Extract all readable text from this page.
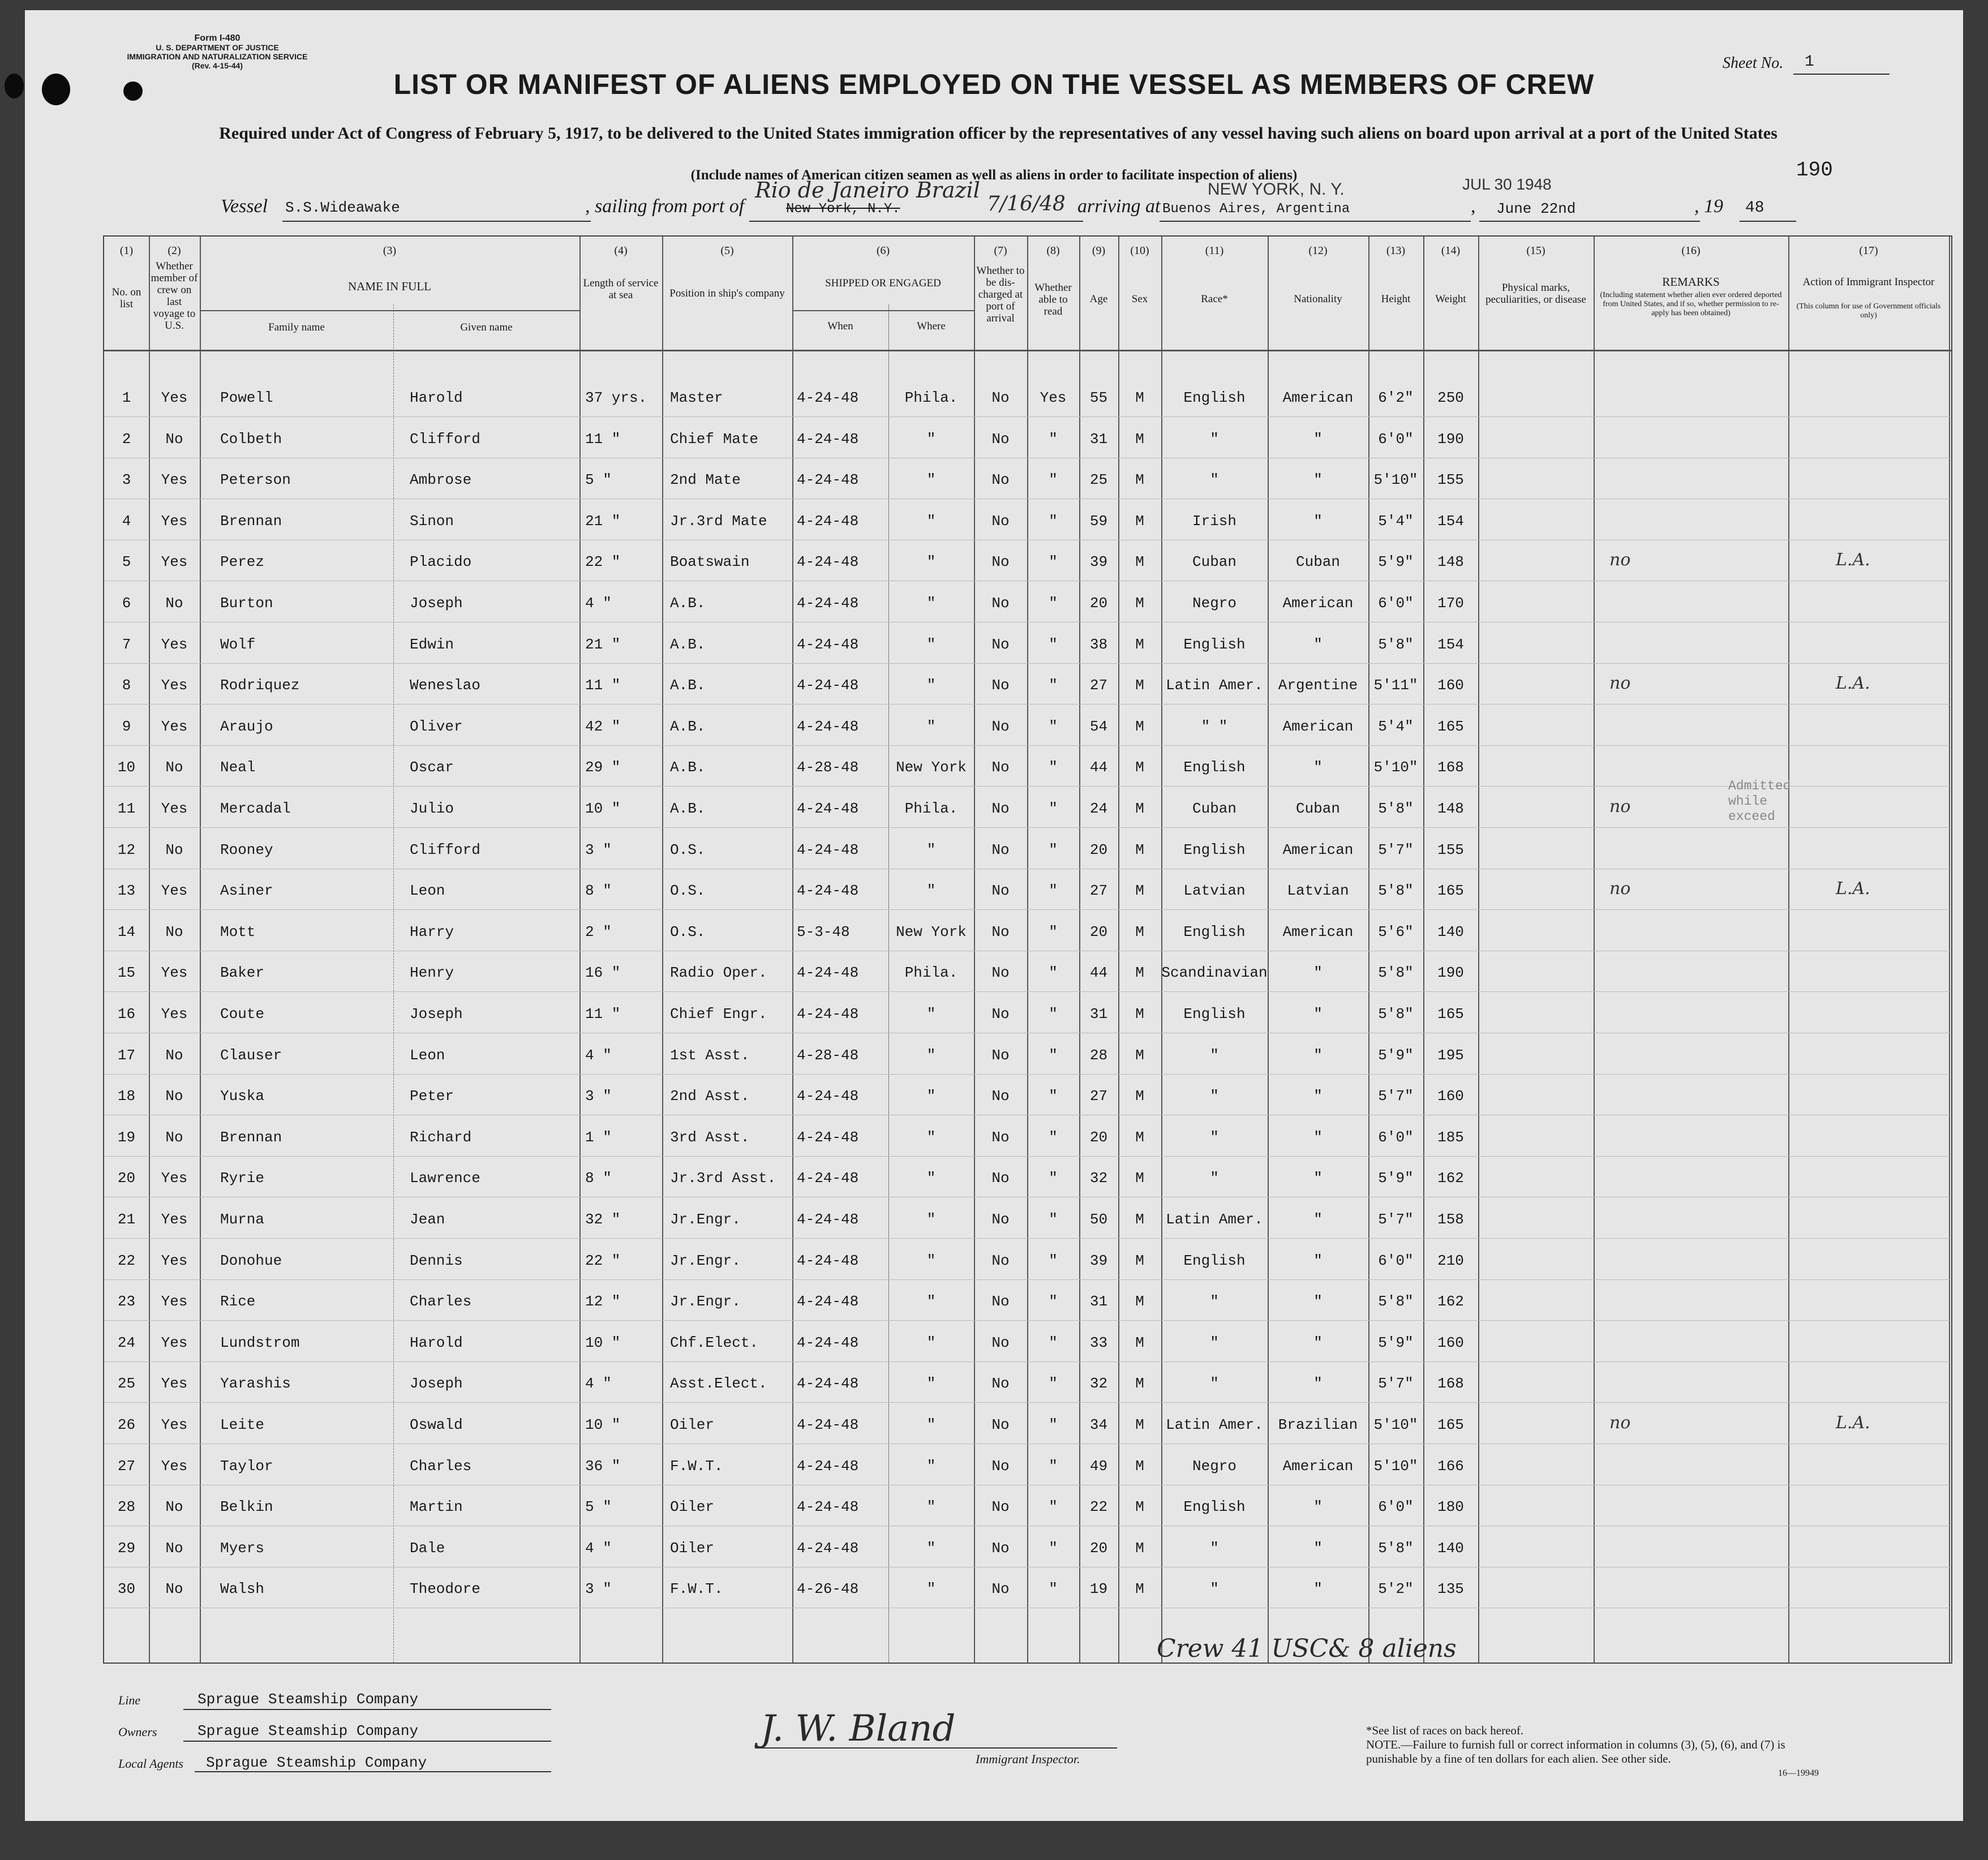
Form I-480
U. S. DEPARTMENT OF JUSTICE
IMMIGRATION AND NATURALIZATION SERVICE
(Rev. 4-15-44)	Sheet No. 1
LIST OR MANIFEST OF ALIENS EMPLOYED ON THE VESSEL AS MEMBERS OF CREW
Required under Act of Congress of February 5, 1917, to be delivered to the United States immigration officer by the representatives of any vessel having such aliens on board upon arrival at a port of the United States
(Include names of American citizen seamen as well as aliens in order to facilitate inspection of aliens)	190
Vessel S.S.Wideawake	, sailing from port of	New York, N.Y.
Rio de Janeiro Brazil
7/16/48 arriving at
NEW YORK, N. Y.
Buenos Aires, Argentina	,
JUL 30 1948
June 22nd	, 19 48
(1)	(2)	(3)	(4)	(5)	(6)	(7)	(8)	(9)	(10)	(11)	(12)	(13)	(14)	(15)	(16)	(17)
No. on list
Whether member of crew on last voyage to U.S.
NAME IN FULL
Family name	Given name
Length of service at sea	Position in ship's company
SHIPPED OR ENGAGED
When	Where
Whether to be dis-charged at port of arrival
Whether able to read
Age	Sex	Race*	Nationality	Height	Weight
Physical marks, peculiarities, or disease
REMARKS
(Including statement whether alien ever ordered deported from United States, and if so, whether permission to re-apply has been obtained)
Action of Immigrant Inspector
(This column for use of Government officials only)
1	Yes	Powell	Harold	37 yrs.	Master	4-24-48	Phila.	No	Yes	55	M	English	American	6'2"	250
2	No	Colbeth	Clifford	11 "	Chief Mate	4-24-48	"	No	"	31	M	"	"	6'0"	190
3	Yes	Peterson	Ambrose	5 "	2nd Mate	4-24-48	"	No	"	25	M	"	"	5'10"	155
4	Yes	Brennan	Sinon	21 "	Jr.3rd Mate	4-24-48	"	No	"	59	M	Irish	"	5'4"	154
5	Yes	Perez	Placido	22 "	Boatswain	4-24-48	"	No	"	39	M	Cuban	Cuban	5'9"	148	no	L.A.
6	No	Burton	Joseph	4 "	A.B.	4-24-48	"	No	"	20	M	Negro	American	6'0"	170
7	Yes	Wolf	Edwin	21 "	A.B.	4-24-48	"	No	"	38	M	English	"	5'8"	154
8	Yes	Rodriquez	Weneslao	11 "	A.B.	4-24-48	"	No	"	27	M	Latin Amer.	Argentine	5'11"	160	no	L.A.
9	Yes	Araujo	Oliver	42 "	A.B.	4-24-48	"	No	"	54	M	" "	American	5'4"	165
10	No	Neal	Oscar	29 "	A.B.	4-28-48	New York	No	"	44	M	English	"	5'10"	168
11	Yes	Mercadal	Julio	10 "	A.B.	4-24-48	Phila.	No	"	24	M	Cuban	Cuban	5'8"	148	no
12	No	Rooney	Clifford	3 "	O.S.	4-24-48	"	No	"	20	M	English	American	5'7"	155
13	Yes	Asiner	Leon	8 "	O.S.	4-24-48	"	No	"	27	M	Latvian	Latvian	5'8"	165	no	L.A.
14	No	Mott	Harry	2 "	O.S.	5-3-48	New York	No	"	20	M	English	American	5'6"	140
15	Yes	Baker	Henry	16 "	Radio Oper.	4-24-48	Phila.	No	"	44	M	Scandinavian	"	5'8"	190
16	Yes	Coute	Joseph	11 "	Chief Engr.	4-24-48	"	No	"	31	M	English	"	5'8"	165
17	No	Clauser	Leon	4 "	1st Asst.	4-28-48	"	No	"	28	M	"	"	5'9"	195
18	No	Yuska	Peter	3 "	2nd Asst.	4-24-48	"	No	"	27	M	"	"	5'7"	160
19	No	Brennan	Richard	1 "	3rd Asst.	4-24-48	"	No	"	20	M	"	"	6'0"	185
20	Yes	Ryrie	Lawrence	8 "	Jr.3rd Asst.	4-24-48	"	No	"	32	M	"	"	5'9"	162
21	Yes	Murna	Jean	32 "	Jr.Engr.	4-24-48	"	No	"	50	M	Latin Amer.	"	5'7"	158
22	Yes	Donohue	Dennis	22 "	Jr.Engr.	4-24-48	"	No	"	39	M	English	"	6'0"	210
23	Yes	Rice	Charles	12 "	Jr.Engr.	4-24-48	"	No	"	31	M	"	"	5'8"	162
24	Yes	Lundstrom	Harold	10 "	Chf.Elect.	4-24-48	"	No	"	33	M	"	"	5'9"	160
25	Yes	Yarashis	Joseph	4 "	Asst.Elect.	4-24-48	"	No	"	32	M	"	"	5'7"	168
26	Yes	Leite	Oswald	10 "	Oiler	4-24-48	"	No	"	34	M	Latin Amer.	Brazilian	5'10"	165	no	L.A.
27	Yes	Taylor	Charles	36 "	F.W.T.	4-24-48	"	No	"	49	M	Negro	American	5'10"	166
28	No	Belkin	Martin	5 "	Oiler	4-24-48	"	No	"	22	M	English	"	6'0"	180
29	No	Myers	Dale	4 "	Oiler	4-24-48	"	No	"	20	M	"	"	5'8"	140
30	No	Walsh	Theodore	3 "	F.W.T.	4-26-48	"	No	"	19	M	"	"	5'2"	135
Admitted while exceed
Crew 41 USC& 8 aliens
Line	Sprague Steamship Company
Owners	Sprague Steamship Company
Local Agents Sprague Steamship Company
J. W. Bland
Immigrant Inspector.
*See list of races on back hereof.
NOTE.—Failure to furnish full or correct information in columns (3), (5), (6), and (7) is punishable by a fine of ten dollars for each alien. See other side.
16—19949
